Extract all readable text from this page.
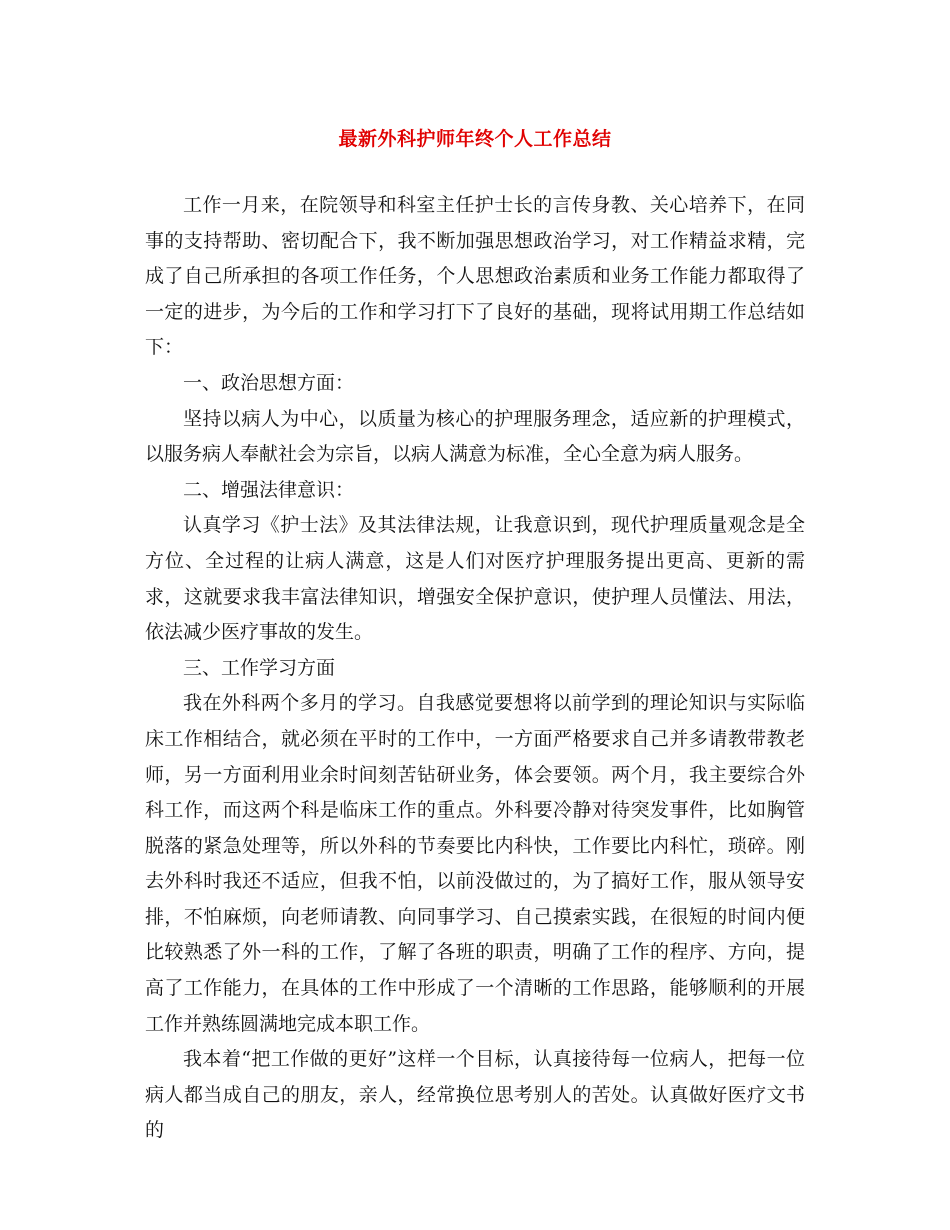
最新外科护师年终个人工作总结

工作一月来，在院领导和科室主任护士长的言传身教、关心培养下，在同事的支持帮助、密切配合下，我不断加强思想政治学习，对工作精益求精，完成了自己所承担的各项工作任务，个人思想政治素质和业务工作能力都取得了一定的进步，为今后的工作和学习打下了良好的基础，现将试用期工作总结如下：

一、政治思想方面：

坚持以病人为中心，以质量为核心的护理服务理念，适应新的护理模式，以服务病人奉献社会为宗旨，以病人满意为标准，全心全意为病人服务。

二、增强法律意识：

认真学习《护士法》及其法律法规，让我意识到，现代护理质量观念是全方位、全过程的让病人满意，这是人们对医疗护理服务提出更高、更新的需求，这就要求我丰富法律知识，增强安全保护意识，使护理人员懂法、用法，依法减少医疗事故的发生。

三、工作学习方面

我在外科两个多月的学习。自我感觉要想将以前学到的理论知识与实际临床工作相结合，就必须在平时的工作中，一方面严格要求自己并多请教带教老师，另一方面利用业余时间刻苦钻研业务，体会要领。两个月，我主要综合外科工作，而这两个科是临床工作的重点。外科要冷静对待突发事件，比如胸管脱落的紧急处理等，所以外科的节奏要比内科快，工作要比内科忙，琐碎。刚去外科时我还不适应，但我不怕，以前没做过的，为了搞好工作，服从领导安排，不怕麻烦，向老师请教、向同事学习、自己摸索实践，在很短的时间内便比较熟悉了外一科的工作，了解了各班的职责，明确了工作的程序、方向，提高了工作能力，在具体的工作中形成了一个清晰的工作思路，能够顺利的开展工作并熟练圆满地完成本职工作。

我本着“把工作做的更好”这样一个目标，认真接待每一位病人，把每一位病人都当成自己的朋友，亲人，经常换位思考别人的苦处。认真做好医疗文书的
